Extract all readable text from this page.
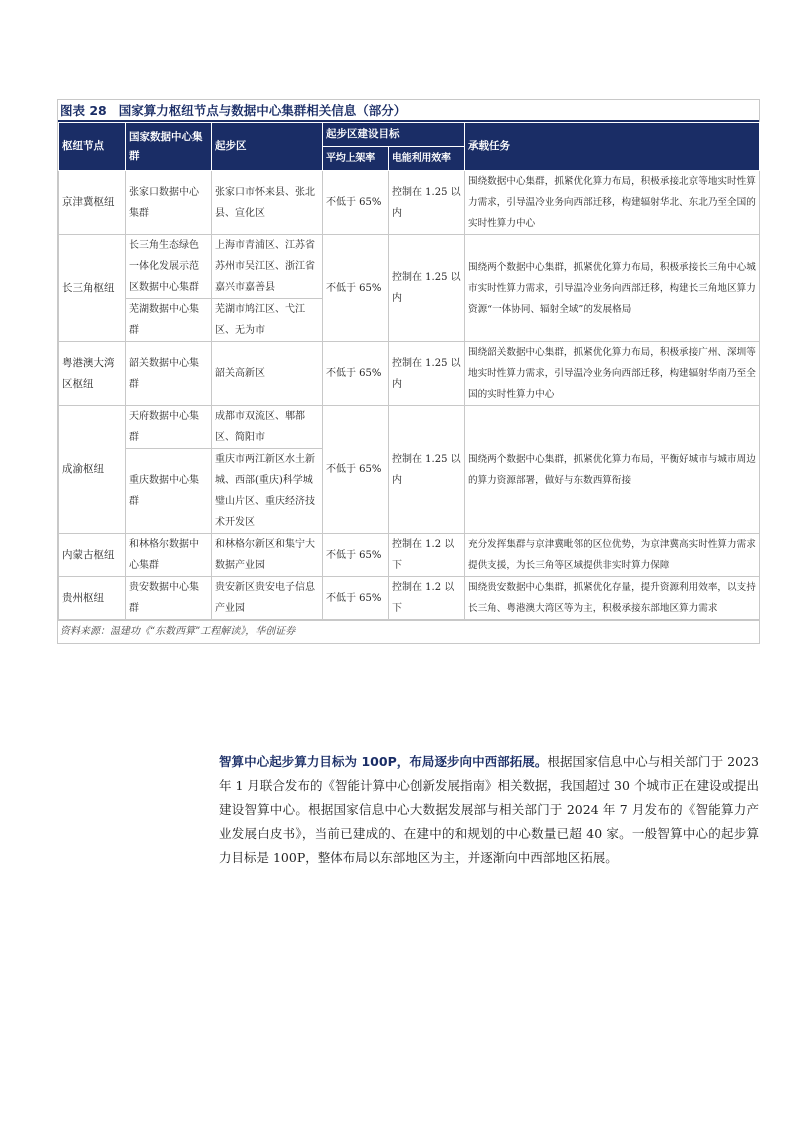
图表 28 国家算力枢纽节点与数据中心集群相关信息（部分）
枢纽节点	国家数据中心集群	起步区	起步区建设目标		承载任务
			平均上架率	电能利用效率	
京津冀枢纽	张家口数据中心集群	张家口市怀来县、张北县、宣化区	不低于 65%	控制在 1.25 以内	围绕数据中心集群，抓紧优化算力布局，积极承接北京等地实时性算力需求，引导温冷业务向西部迁移，构建辐射华北、东北乃至全国的实时性算力中心
长三角枢纽	长三角生态绿色一体化发展示范区数据中心集群	上海市青浦区、江苏省苏州市吴江区、浙江省嘉兴市嘉善县	不低于 65%	控制在 1.25 以内	围绕两个数据中心集群，抓紧优化算力布局，积极承接长三角中心城市实时性算力需求，引导温冷业务向西部迁移，构建长三角地区算力资源“一体协同、辐射全域”的发展格局
	芜湖数据中心集群	芜湖市鸠江区、弋江区、无为市			
粤港澳大湾区枢纽	韶关数据中心集群	韶关高新区	不低于 65%	控制在 1.25 以内	围绕韶关数据中心集群，抓紧优化算力布局，积极承接广州、深圳等地实时性算力需求，引导温冷业务向西部迁移，构建辐射华南乃至全国的实时性算力中心
成渝枢纽	天府数据中心集群	成都市双流区、郫都区、简阳市	不低于 65%	控制在 1.25 以内	围绕两个数据中心集群，抓紧优化算力布局，平衡好城市与城市周边的算力资源部署，做好与东数西算衔接
	重庆数据中心集群	重庆市两江新区水土新城、西部(重庆)科学城璧山片区、重庆经济技术开发区			
内蒙古枢纽	和林格尔数据中心集群	和林格尔新区和集宁大数据产业园	不低于 65%	控制在 1.2 以下	充分发挥集群与京津冀毗邻的区位优势，为京津冀高实时性算力需求提供支援，为长三角等区域提供非实时算力保障
贵州枢纽	贵安数据中心集群	贵安新区贵安电子信息产业园	不低于 65%	控制在 1.2 以下	围绕贵安数据中心集群，抓紧优化存量，提升资源利用效率，以支持长三角、粤港澳大湾区等为主，积极承接东部地区算力需求
资料来源：温建功《“东数西算”工程解读》，华创证券
智算中心起步算力目标为 100P，布局逐步向中西部拓展。根据国家信息中心与相关部门于 2023 年 1 月联合发布的《智能计算中心创新发展指南》相关数据，我国超过 30 个城市正在建设或提出建设智算中心。根据国家信息中心大数据发展部与相关部门于 2024 年 7 月发布的《智能算力产业发展白皮书》，当前已建成的、在建中的和规划的中心数量已超 40 家。一般智算中心的起步算力目标是 100P，整体布局以东部地区为主，并逐渐向中西部地区拓展。
